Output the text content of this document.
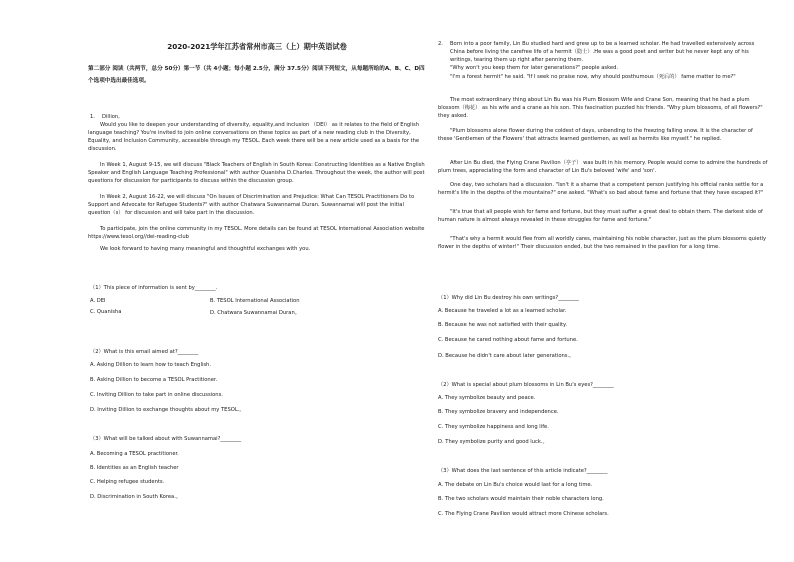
2020-2021学年江苏省常州市高三（上）期中英语试卷
第二部分 阅读（共两节，总分 50分）第一节（共 4小题；每小题 2.5分，满分 37.5分）阅读下列短文，从每题所给的A、B、C、D四个选项中选出最佳选项。
1. Dillion,
Would you like to deepen your understanding of diversity, equality,and inclusion （DEI） as it relates to the field of English language teaching? You're invited to join online conversations on these topics as part of a new reading club in the Diversity, Equality, and Inclusion Community, accessible through my TESOL. Each week there will be a new article used as a basis for the discussion.
In Week 1, August 9-15, we will discuss "Black Teachers of English in South Korea: Constructing Identities as a Native English Speaker and English Language Teaching Professional" with author Quanisha D.Charles. Throughout the week, the author will post questions for discussion for participants to discuss within the discussion group.
In Week 2, August 16-22, we will discuss "On Issues of Discrimination and Prejudice: What Can TESOL Practitioners Do to Support and Advocate for Refugee Students?" with author Chatwara Suwannamai Duran. Suwannamai will post the initial question（s） for discussion and will take part in the discussion.
To participate, join the online community in my TESOL. More details can be found at TESOL International Association website https://www.tesol.org//dei-reading-club
We look forward to having many meaningful and thoughtful exchanges with you.
（1）This piece of information is sent by________.
A. DEI	B. TESOL International Association
C. Quanisha	D. Chatwara Suwannamai Duran。
（2）What is this email aimed at?________
A. Asking Dillion to learn how to teach English.
B. Asking Dillion to become a TESOL Practitioner.
C. Inviting Dillion to take part in online discussions.
D. Inviting Dillion to exchange thoughts about my TESOL.。
（3）What will be talked about with Suwannamai?________
A. Becoming a TESOL practitioner.
B. Identities as an English teacher
C. Helping refugee students.
D. Discrimination in South Korea.。
2. Born into a poor family, Lin Bu studied hard and grew up to be a learned scholar. He had travelled extensively across China before living the carefree life of a hermit（隐士）.He was a good poet and writer but he never kept any of his writings, tearing them up right after penning them.
"Why won't you keep them for later generations?" people asked.
"I'm a forest hermit" he said. "If I seek no praise now, why should posthumous（死后的） fame matter to me?"
The most extraordinary thing about Lin Bu was his Plum Blossom Wife and Crane Son, meaning that he had a plum blossom（梅花） as his wife and a crane as his son. This fascination puzzled his friends. "Why plum blossoms, of all flowers?" they asked.
"Plum blossoms alone flower during the coldest of days, unbending to the freezing falling snow. It is the character of these 'Gentlemen of the Flowers' that attracts learned gentlemen, as well as hermits like myself." he replied.
After Lin Bu died, the Flying Crane Pavilion（亭子） was built in his memory. People would come to admire the hundreds of plum trees, appreciating the form and character of Lin Bu's beloved 'wife' and 'son'.
One day, two scholars had a discussion. "Isn't it a shame that a competent person justifying his official ranks settle for a hermit's life in the depths of the mountains?" one asked. "What's so bad about fame and fortune that they have escaped it?"
"It's true that all people wish for fame and fortune, but they must suffer a great deal to obtain them. The darkest side of human nature is almost always revealed in these struggles for fame and fortune."
"That's why a hermit would flee from all worldly cares, maintaining his noble character, just as the plum blossoms quietly flower in the depths of winter!" Their discussion ended, but the two remained in the pavilion for a long time.
（1）Why did Lin Bu destroy his own writings?________
A. Because he traveled a lot as a learned scholar.
B. Because he was not satisfied with their quality.
C. Because he cared nothing about fame and fortune.
D. Because he didn't care about later generations.。
（2）What is special about plum blossoms in Lin Bu's eyes?________
A. They symbolize beauty and peace.
B. They symbolize bravery and independence.
C. They symbolize happiness and long life.
D. They symbolize purity and good luck.。
（3）What does the last sentence of this article indicate?________
A. The debate on Lin Bu's choice would last for a long time.
B. The two scholars would maintain their noble characters long.
C. The Flying Crane Pavilion would attract more Chinese scholars.
